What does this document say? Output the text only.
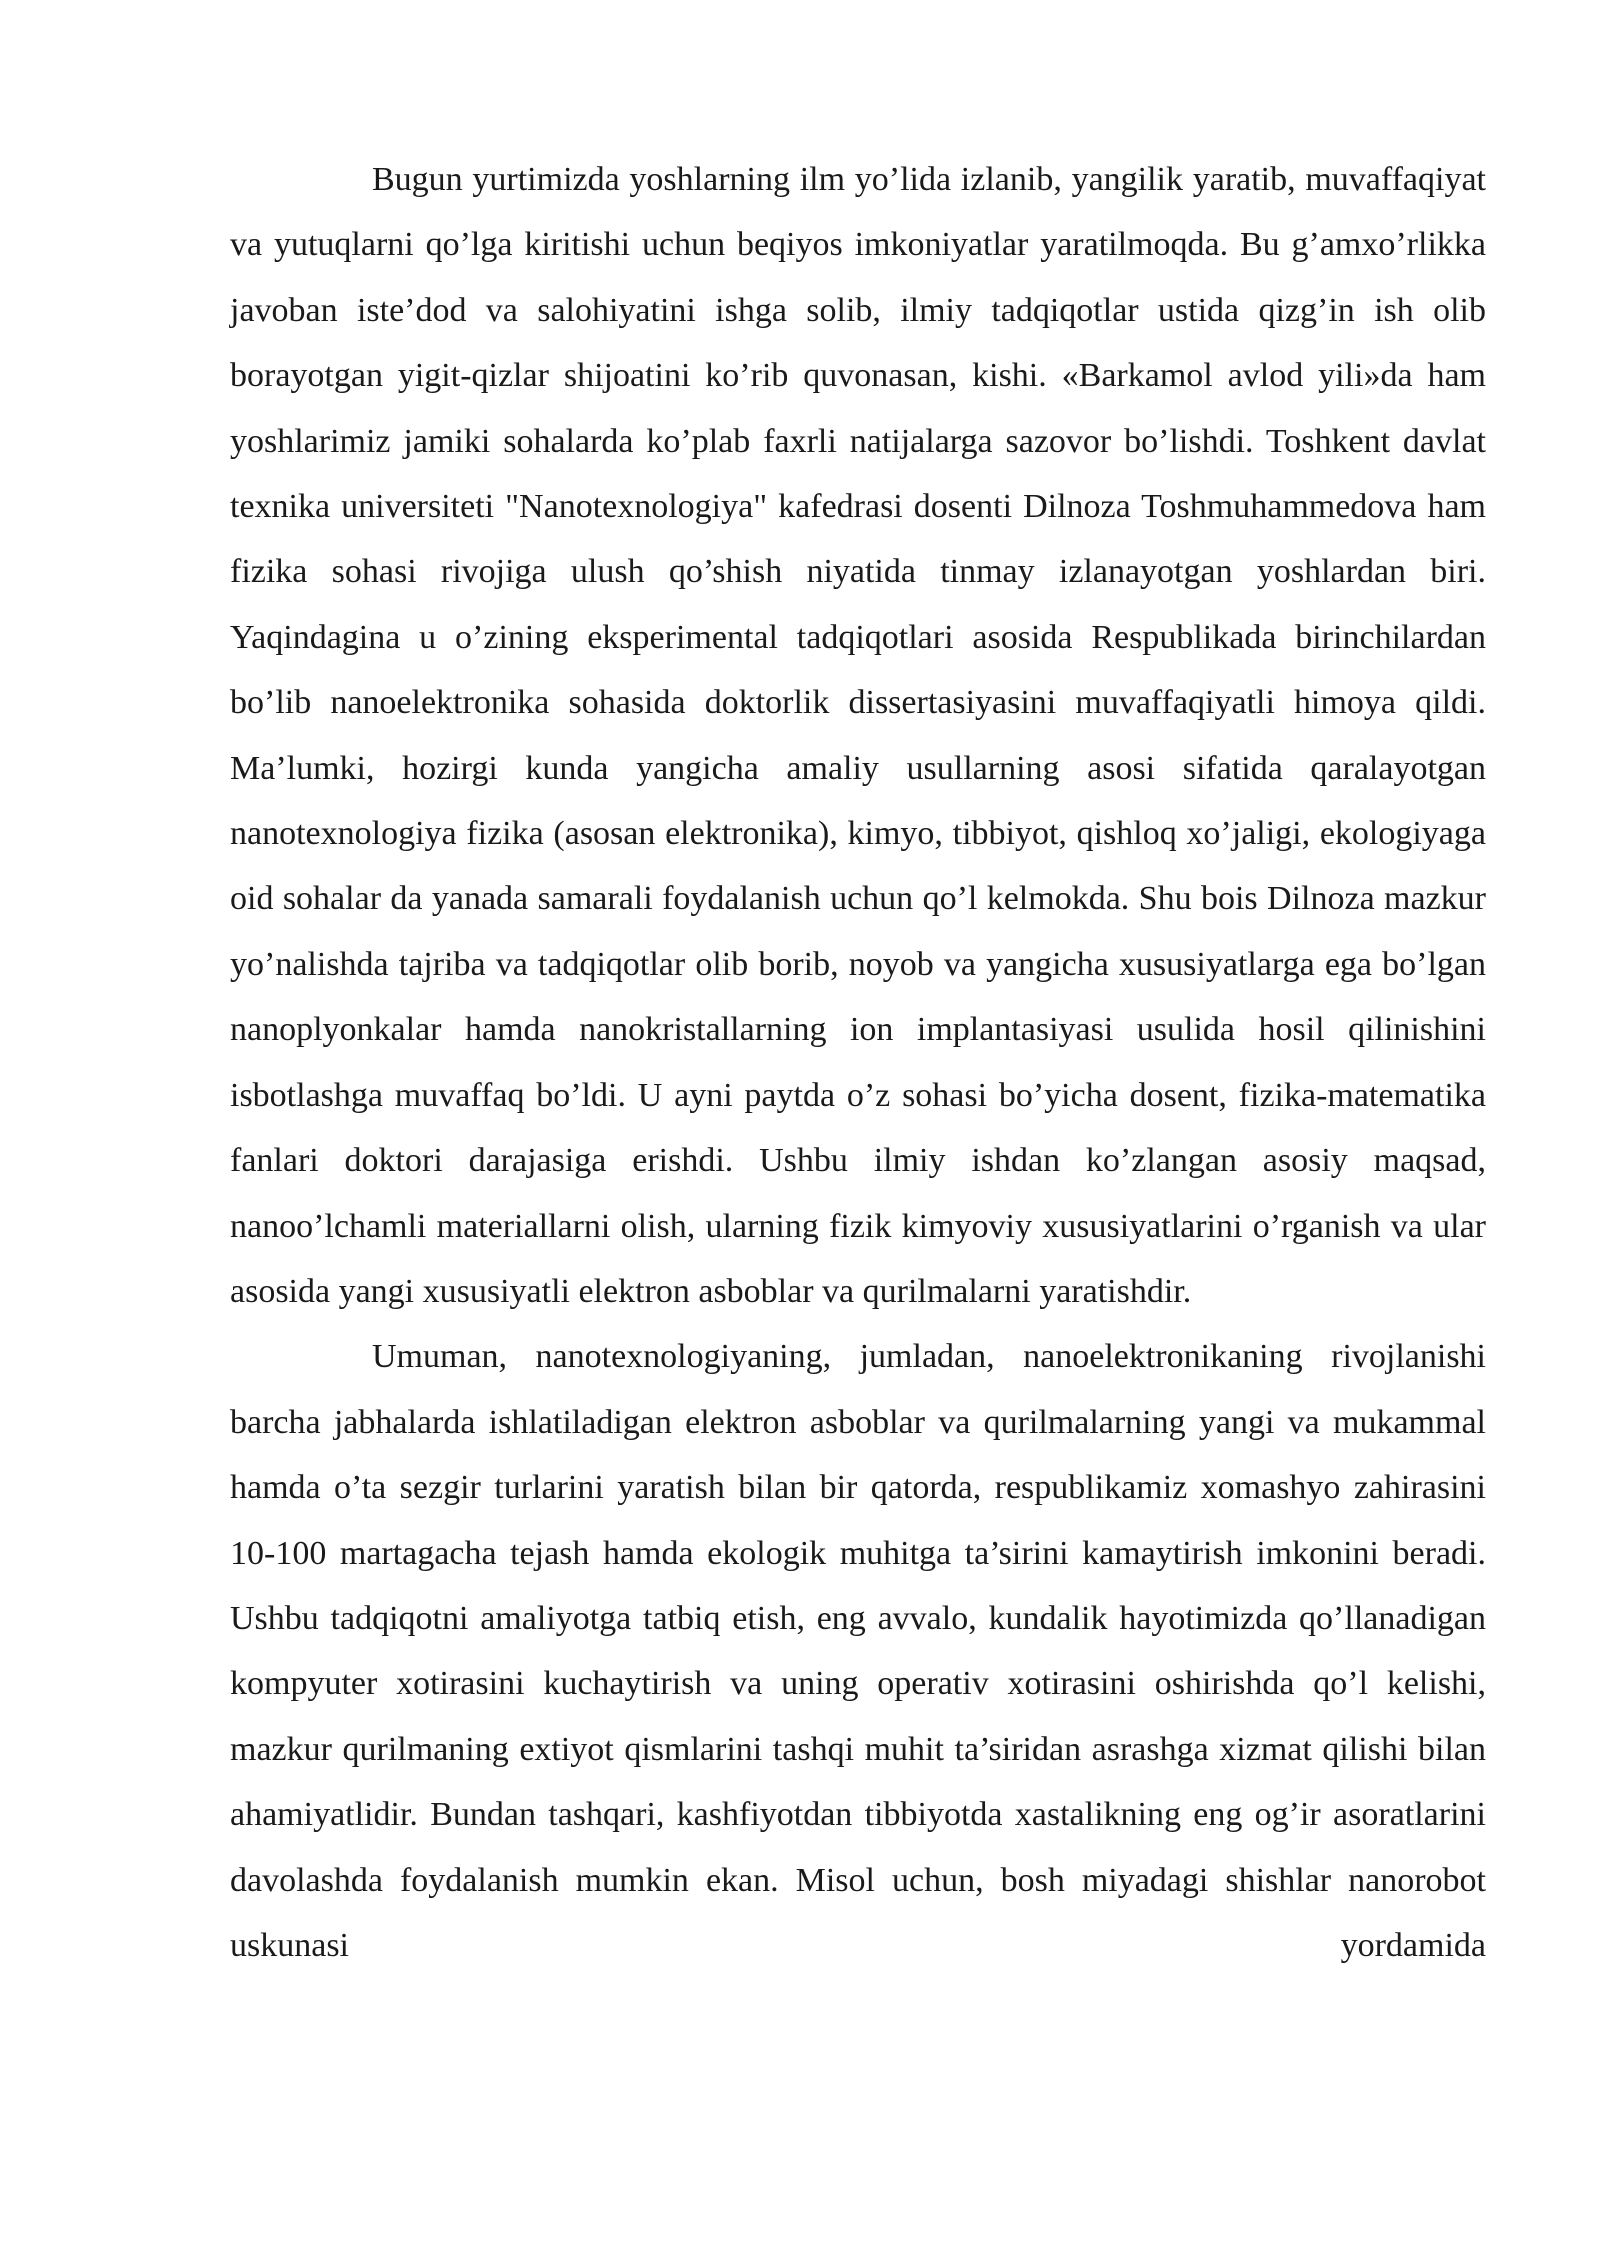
Bugun yurtimizda yoshlarning ilm yo’lida izlanib, yangilik yaratib, muvaffaqiyat va yutuqlarni qo’lga kiritishi uchun beqiyos imkoniyatlar yaratilmoqda. Bu g’amxo’rlikka javoban iste’dod va salohiyatini ishga solib, ilmiy tadqiqotlar ustida qizg’in ish olib borayotgan yigit-qizlar shijoatini ko’rib quvonasan, kishi. «Barkamol avlod yili»da ham yoshlarimiz jamiki sohalarda ko’plab faxrli natijalarga sazovor bo’lishdi. Toshkent davlat texnika universiteti "Nanotexnologiya" kafedrasi dosenti Dilnoza Toshmuhammedova ham fizika sohasi rivojiga ulush qo’shish niyatida tinmay izlanayotgan yoshlardan biri. Yaqindagina u o’zining eksperimental tadqiqotlari asosida Respublikada birinchilardan bo’lib nanoelektronika sohasida doktorlik dissertasiyasini muvaffaqiyatli himoya qildi. Ma’lumki, hozirgi kunda yangicha amaliy usullarning asosi sifatida qaralayotgan nanotexnologiya fizika (asosan elektronika), kimyo, tibbiyot, qishloq xo’jaligi, ekologiyaga oid sohalar da yanada samarali foydalanish uchun qo’l kelmokda. Shu bois Dilnoza mazkur yo’nalishda tajriba va tadqiqotlar olib borib, noyob va yangicha xususiyatlarga ega bo’lgan nanoplyonkalar hamda nanokristallarning ion implantasiyasi usulida hosil qilinishini isbotlashga muvaffaq bo’ldi. U ayni paytda o’z sohasi bo’yicha dosent, fizika-matematika fanlari doktori darajasiga erishdi. Ushbu ilmiy ishdan ko’zlangan asosiy maqsad, nanoo’lchamli materiallarni olish, ularning fizik kimyoviy xususiyatlarini o’rganish va ular asosida yangi xususiyatli elektron asboblar va qurilmalarni yaratishdir.

Umuman, nanotexnologiyaning, jumladan, nanoelektronikaning rivojlanishi barcha jabhalarda ishlatiladigan elektron asboblar va qurilmalarning yangi va mukammal hamda o’ta sezgir turlarini yaratish bilan bir qatorda, respublikamiz xomashyo zahirasini 10-100 martagacha tejash hamda ekologik muhitga ta’sirini kamaytirish imkonini beradi. Ushbu tadqiqotni amaliyotga tatbiq etish, eng avvalo, kundalik hayotimizda qo’llanadigan kompyuter xotirasini kuchaytirish va uning operativ xotirasini oshirishda qo’l kelishi, mazkur qurilmaning extiyot qismlarini tashqi muhit ta’siridan asrashga xizmat qilishi bilan ahamiyatlidir. Bundan tashqari, kashfiyotdan tibbiyotda xastalikning eng og’ir asoratlarini davolashda foydalanish mumkin ekan. Misol uchun, bosh miyadagi shishlar nanorobot uskunasi yordamida
